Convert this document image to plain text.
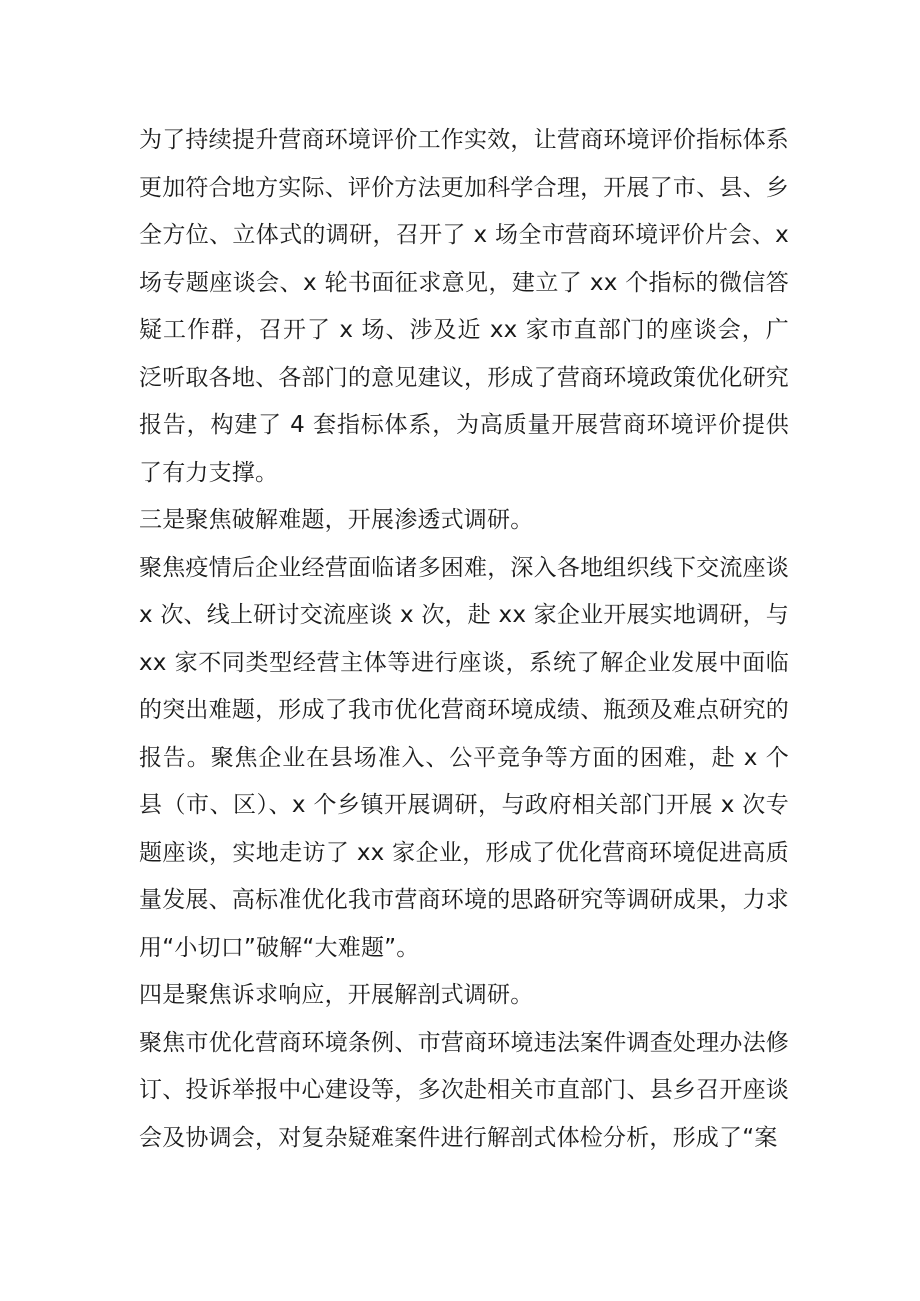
为了持续提升营商环境评价工作实效，让营商环境评价指标体系更加符合地方实际、评价方法更加科学合理，开展了市、县、乡全方位、立体式的调研，召开了 x 场全市营商环境评价片会、x 场专题座谈会、x 轮书面征求意见，建立了 xx 个指标的微信答疑工作群，召开了 x 场、涉及近 xx 家市直部门的座谈会，广泛听取各地、各部门的意见建议，形成了营商环境政策优化研究报告，构建了 4 套指标体系，为高质量开展营商环境评价提供了有力支撑。

三是聚焦破解难题，开展渗透式调研。

聚焦疫情后企业经营面临诸多困难，深入各地组织线下交流座谈 x 次、线上研讨交流座谈 x 次，赴 xx 家企业开展实地调研，与 xx 家不同类型经营主体等进行座谈，系统了解企业发展中面临的突出难题，形成了我市优化营商环境成绩、瓶颈及难点研究的报告。聚焦企业在县场准入、公平竞争等方面的困难，赴 x 个县（市、区）、x 个乡镇开展调研，与政府相关部门开展 x 次专题座谈，实地走访了 xx 家企业，形成了优化营商环境促进高质量发展、高标准优化我市营商环境的思路研究等调研成果，力求用“小切口”破解“大难题”。

四是聚焦诉求响应，开展解剖式调研。

聚焦市优化营商环境条例、市营商环境违法案件调查处理办法修订、投诉举报中心建设等，多次赴相关市直部门、县乡召开座谈会及协调会，对复杂疑难案件进行解剖式体检分析，形成了“案
